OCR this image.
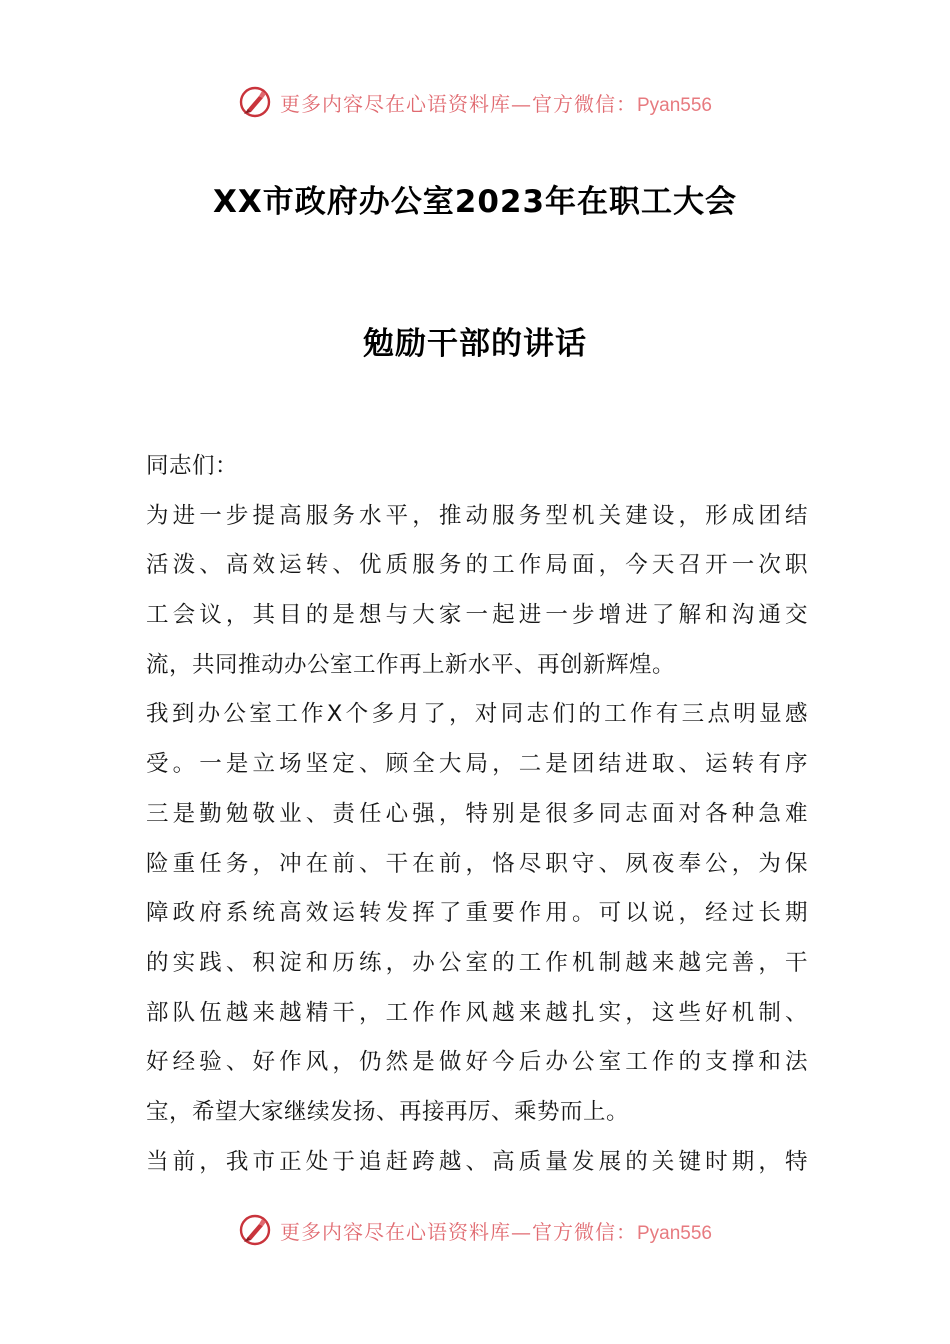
更多内容尽在心语资料库—官方微信：Pyan556
XX市政府办公室2023年在职工大会
勉励干部的讲话
同志们：
为进一步提高服务水平，推动服务型机关建设，形成团结
活泼、高效运转、优质服务的工作局面，今天召开一次职
工会议，其目的是想与大家一起进一步增进了解和沟通交
流，共同推动办公室工作再上新水平、再创新辉煌。
我到办公室工作X个多月了，对同志们的工作有三点明显感
受。一是立场坚定、顾全大局，二是团结进取、运转有序
三是勤勉敬业、责任心强，特别是很多同志面对各种急难
险重任务，冲在前、干在前，恪尽职守、夙夜奉公，为保
障政府系统高效运转发挥了重要作用。可以说，经过长期
的实践、积淀和历练，办公室的工作机制越来越完善，干
部队伍越来越精干，工作作风越来越扎实，这些好机制、
好经验、好作风，仍然是做好今后办公室工作的支撑和法
宝，希望大家继续发扬、再接再厉、乘势而上。
当前，我市正处于追赶跨越、高质量发展的关键时期，特
更多内容尽在心语资料库—官方微信：Pyan556
